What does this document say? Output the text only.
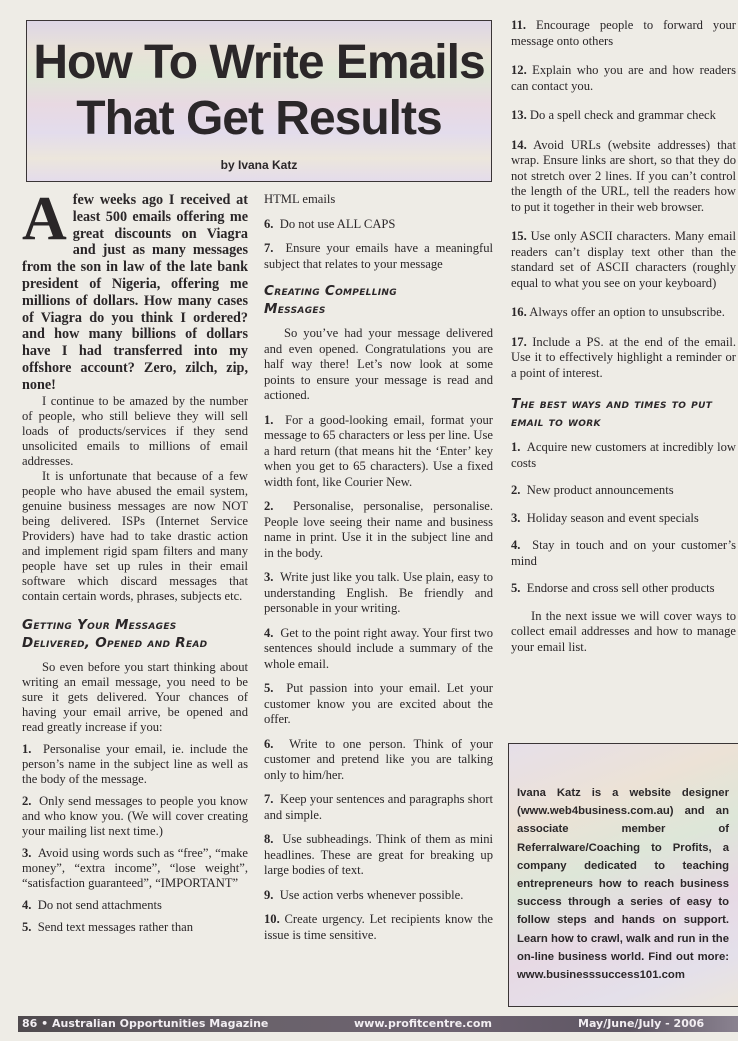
How To Write Emails
That Get Results
by Ivana Katz

Afew weeks ago I received at least 500 emails offering me great discounts on Viagra and just as many messages from the son in law of the late bank president of Nigeria, offering me millions of dollars. How many cases of Viagra do you think I ordered? and how many billions of dollars have I had transferred into my offshore account? Zero, zilch, zip, none!

I continue to be amazed by the number of people, who still believe they will sell loads of products/services if they send unsolicited emails to millions of email addresses.

It is unfortunate that because of a few people who have abused the email system, genuine business messages are now NOT being delivered. ISPs (Internet Service Providers) have had to take drastic action and implement rigid spam filters and many people have set up rules in their email software which discard messages that contain certain words, phrases, subjects etc.

Getting Your Messages Delivered, Opened and Read

So even before you start thinking about writing an email message, you need to be sure it gets delivered. Your chances of having your email arrive, be opened and read greatly increase if you:

1. Personalise your email, ie. include the person’s name in the subject line as well as the body of the message.

2. Only send messages to people you know and who know you. (We will cover creating your mailing list next time.)

3. Avoid using words such as “free”, “make money”, “extra income”, “lose weight”, “satisfaction guaranteed”, “IMPORTANT”

4. Do not send attachments

5. Send text messages rather than

HTML emails

6. Do not use ALL CAPS

7. Ensure your emails have a meaningful subject that relates to your message

Creating Compelling Messages

So you’ve had your message delivered and even opened. Congratulations you are half way there! Let’s now look at some points to ensure your message is read and actioned.

1. For a good-looking email, format your message to 65 characters or less per line. Use a hard return (that means hit the ‘Enter’ key when you get to 65 characters). Use a fixed width font, like Courier New.

2. Personalise, personalise, personalise. People love seeing their name and business name in print. Use it in the subject line and in the body.

3. Write just like you talk. Use plain, easy to understanding English. Be friendly and personable in your writing.

4. Get to the point right away. Your first two sentences should include a summary of the whole email.

5. Put passion into your email. Let your customer know you are excited about the offer.

6. Write to one person. Think of your customer and pretend like you are talking only to him/her.

7. Keep your sentences and paragraphs short and simple.

8. Use subheadings. Think of them as mini headlines. These are great for breaking up large bodies of text.

9. Use action verbs whenever possible.

10. Create urgency. Let recipients know the issue is time sensitive.

11. Encourage people to forward your message onto others

12. Explain who you are and how readers can contact you.

13. Do a spell check and grammar check

14. Avoid URLs (website addresses) that wrap. Ensure links are short, so that they do not stretch over 2 lines. If you can’t control the length of the URL, tell the readers how to put it together in their web browser.

15. Use only ASCII characters. Many email readers can’t display text other than the standard set of ASCII characters (roughly equal to what you see on your keyboard)

16. Always offer an option to unsubscribe.

17. Include a PS. at the end of the email. Use it to effectively highlight a reminder or a point of interest.

The best ways and times to put email to work

1. Acquire new customers at incredibly low costs

2. New product announcements

3. Holiday season and event specials

4. Stay in touch and on your customer’s mind

5. Endorse and cross sell other products

In the next issue we will cover ways to collect email addresses and how to manage your email list.

Ivana Katz is a website designer (www.web4business.com.au) and an associate member of Referralware/Coaching to Profits, a company dedicated to teaching entrepreneurs how to reach business success through a series of easy to follow steps and hands on support. Learn how to crawl, walk and run in the on-line business world. Find out more: www.businesssuccess101.com

86 • Australian Opportunities Magazine	www.profitcentre.com	May/June/July - 2006
